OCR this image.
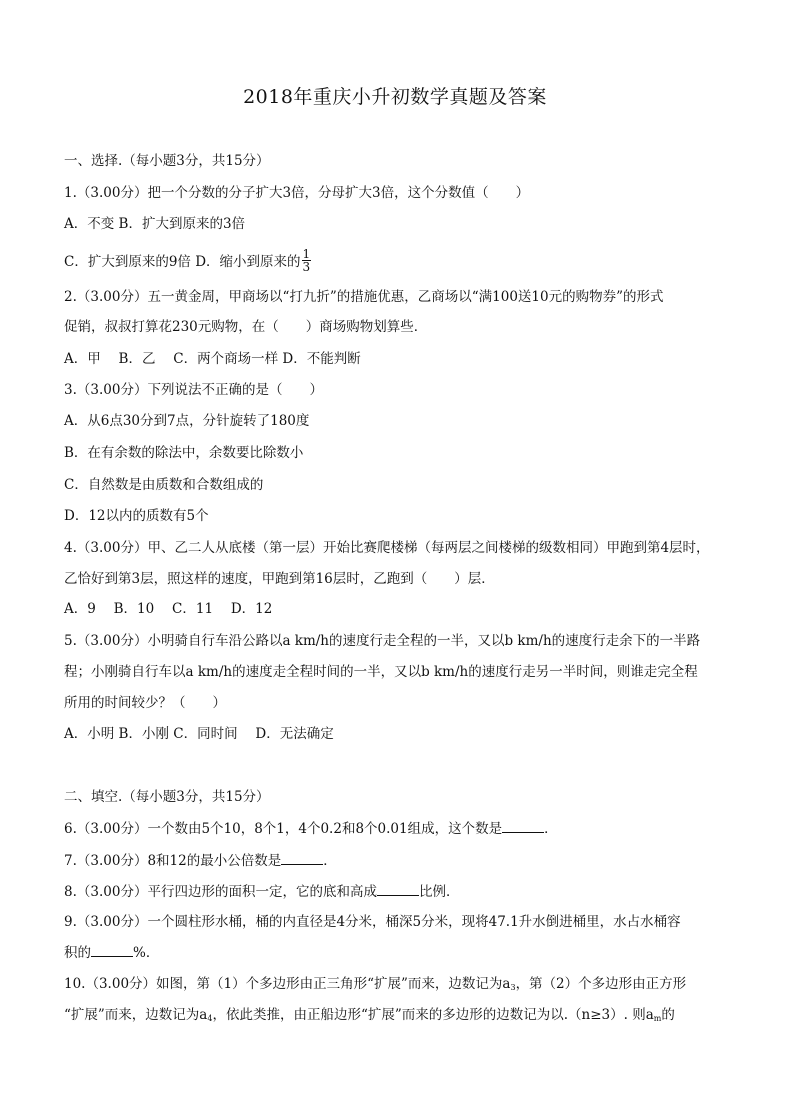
2018年重庆小升初数学真题及答案
一、选择.（每小题3分，共15分）
1.（3.00分）把一个分数的分子扩大3倍，分母扩大3倍，这个分数值（　　）
A．不变 B．扩大到原来的3倍
C．扩大到原来的9倍 D．缩小到原来的 $\frac{1}{3}$
2.（3.00分）五一黄金周，甲商场以“打九折”的措施优惠，乙商场以“满100送10元的购物券”的形式
促销，叔叔打算花230元购物，在（　　）商场购物划算些．
A．甲　 B．乙　 C．两个商场一样 D．不能判断
3.（3.00分）下列说法不正确的是（　　）
A．从6点30分到7点，分针旋转了180度
B．在有余数的除法中，余数要比除数小
C．自然数是由质数和合数组成的
D．12以内的质数有5个
4.（3.00分）甲、乙二人从底楼（第一层）开始比赛爬楼梯（每两层之间楼梯的级数相同）甲跑到第4层时，
乙恰好到第3层，照这样的速度，甲跑到第16层时，乙跑到（　　）层．
A．9　 B．10　 C．11　 D．12
5.（3.00分）小明骑自行车沿公路以a km/h的速度行走全程的一半，又以b km/h的速度行走余下的一半路
程；小刚骑自行车以a km/h的速度走全程时间的一半，又以b km/h的速度行走另一半时间，则谁走完全程
所用的时间较少？（　　）
A．小明 B．小刚 C．同时间　 D．无法确定
二、填空.（每小题3分，共15分）
6.（3.00分）一个数由5个10，8个1，4个0.2和8个0.01组成，这个数是	．
7.（3.00分）8和12的最小公倍数是	．
8.（3.00分）平行四边形的面积一定，它的底和高成	比例．
9.（3.00分）一个圆柱形水桶，桶的内直径是4分米，桶深5分米，现将47.1升水倒进桶里，水占水桶容
积的	%．
10.（3.00分）如图，第（1）个多边形由正三角形“扩展”而来，边数记为$a_3$，第（2）个多边形由正方形
“扩展”而来，边数记为$a_4$，依此类推，由正船边形“扩展”而来的多边形的边数记为以.（n≥3）. 则$a_m$的
